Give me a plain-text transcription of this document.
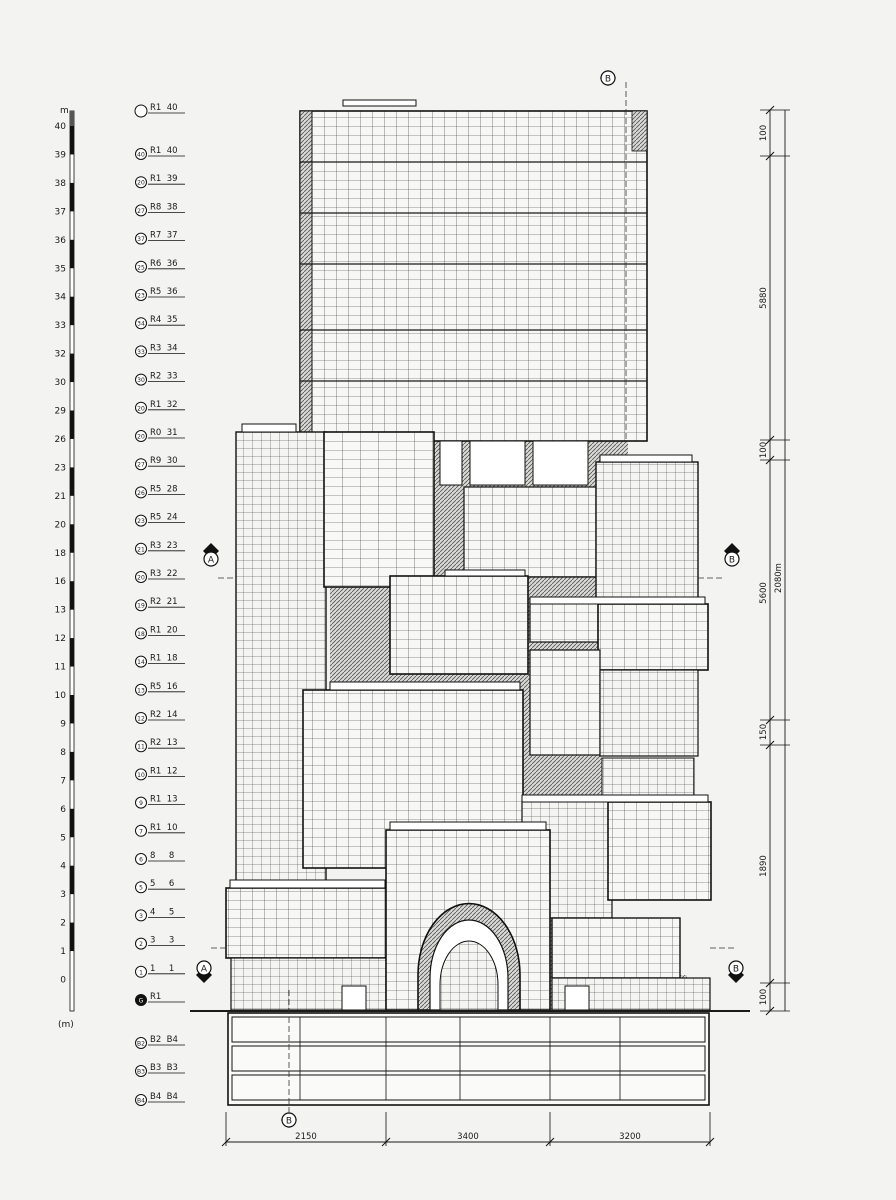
m
40
39
38
37
36
35
34
33
32
30
29
26
23
21
20
18
16
13
12
11
10
9
8
7
6
5
4
3
2
1
0
(m)
R1  40
40 R1  40
20 R1  39
27 R8  38
37 R7  37
25 R6  36
23 R5  36
34 R4  35
33 R3  34
30 R2  33
20 R1  32
20 R0  31
27 R9  30
26 R5  28
23 R5  24
21 R3  23
20 R3  22
19 R2  21
18 R1  20
14 R1  18
13 R5  16
12 R2  14
11 R2  13
10 R1  12
9 R1  13
7 R1  10
6 8     8
5 5     6
3 4     5
2 3     3
1 1     1
G R1
B2 B2  B4
B3 B3  B3
B4 B4  B4
B
A	B
A	B
B
100
5880
100
5600
150
1890
100
2080m
2150	3400	3200
